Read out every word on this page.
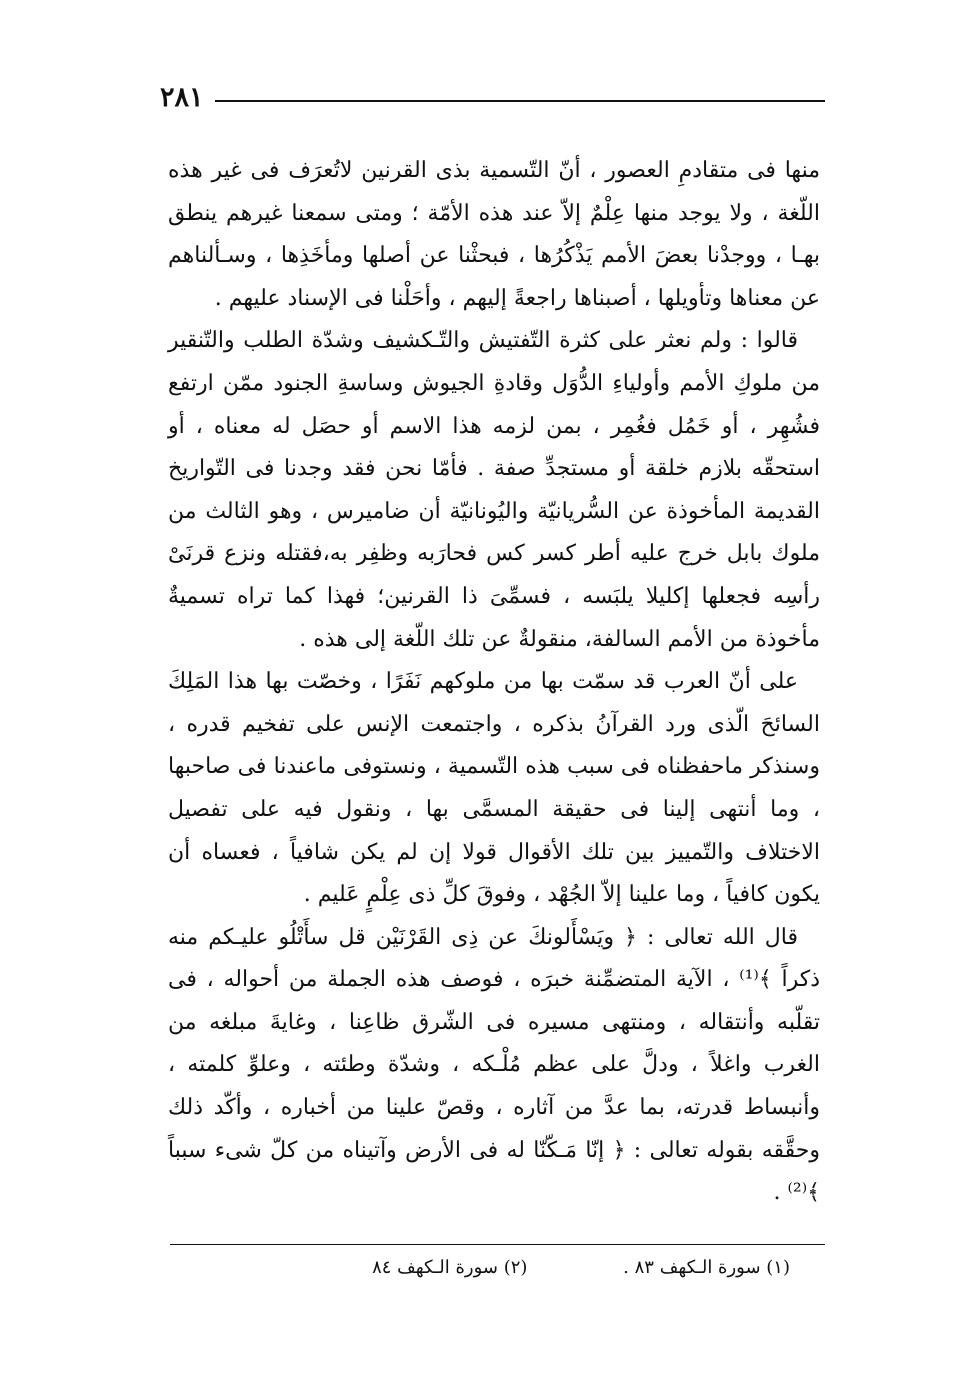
٢٨١

منها فى متقادمِ العصور ، أنّ التّسمية بذى القرنين لاتُعرَف فى غير هذه اللّغة ، ولا يوجد منها عِلْمٌ إلاّ عند هذه الأمّة ؛ ومتى سمعنا غيرهم ينطق بهـا ، ووجدْنا بعضَ الأمم يَذْكُرُها ، فبحثْنا عن أصلها ومأخَذِها ، وسـألناهم عن معناها وتأويلها ، أصبناها راجعةً إليهم ، وأحَلْنا فى الإسناد عليهم .

قالوا : ولم نعثر على كثرة التّفتيش والتّـكشيف وشدّة الطلب والتّنقير من ملوكِ الأمم وأولياءِ الدُّوَل وقادةِ الجيوش وساسةِ الجنود ممّن ارتفع فشُهِر ، أو خَمُل فغُمِر ، بمن لزمه هذا الاسم أو حصَل له معناه ، أو استحقّه بلازم خلقة أو مستجدِّ صفة . فأمّا نحن فقد وجدنا فى التّواريخ القديمة المأخوذة عن السُّريانيّة واليُونانيّة أن ضاميرس ، وهو الثالث من ملوك بابل خرج عليه أطر كسر كس فحارَبه وظفِر به،فقتله ونزع قرنَىْ رأسِه فجعلها إكليلا يلبَسه ، فسمِّىَ ذا القرنين؛ فهذا كما تراه تسميةٌ مأخوذة من الأمم السالفة، منقولةٌ عن تلك اللّغة إلى هذه .

على أنّ العرب قد سمّت بها من ملوكهم نَفَرًا ، وخصّت بها هذا المَلِكَ السائحَ الّذى ورد القرآنُ بذكره ، واجتمعت الإنس على تفخيم قدره ، وسنذكر ماحفظناه فى سبب هذه التّسمية ، ونستوفى ماعندنا فى صاحبها ، وما أنتهى إلينا فى حقيقة المسمَّى بها ، ونقول فيه على تفصيل الاختلاف والتّمييز بين تلك الأقوال قولا إن لم يكن شافياً ، فعساه أن يكون كافياً ، وما علينا إلاّ الجُهْد ، وفوقَ كلِّ ذى عِلْمٍ عَليم .

قال الله تعالى : ﴿ ويَسْأَلونكَ عن ذِى القَرْنَيْن قل سأَتْلُو عليـكم منه ذكراً ﴾⁽¹⁾ ، الآية المتضمِّنة خبرَه ، فوصف هذه الجملة من أحواله ، فى تقلّبه وأنتقاله ، ومنتهى مسيره فى الشّرق ظاعِنا ، وغايةَ مبلغه من الغرب واغلاً ، ودلَّ على عظم مُلْـكه ، وشدّة وطئته ، وعلوِّ كلمته ، وأنبساط قدرته، بما عدَّ من آثاره ، وقصّ علينا من أخباره ، وأكّد ذلك وحقَّقه بقوله تعالى : ﴿ إنّا مَـكّنّا له فى الأرض وآتيناه من كلّ شىء سبباً ﴾⁽²⁾ .

(١) سورة الـكهف ٨٣ . (٢) سورة الـكهف ٨٤
